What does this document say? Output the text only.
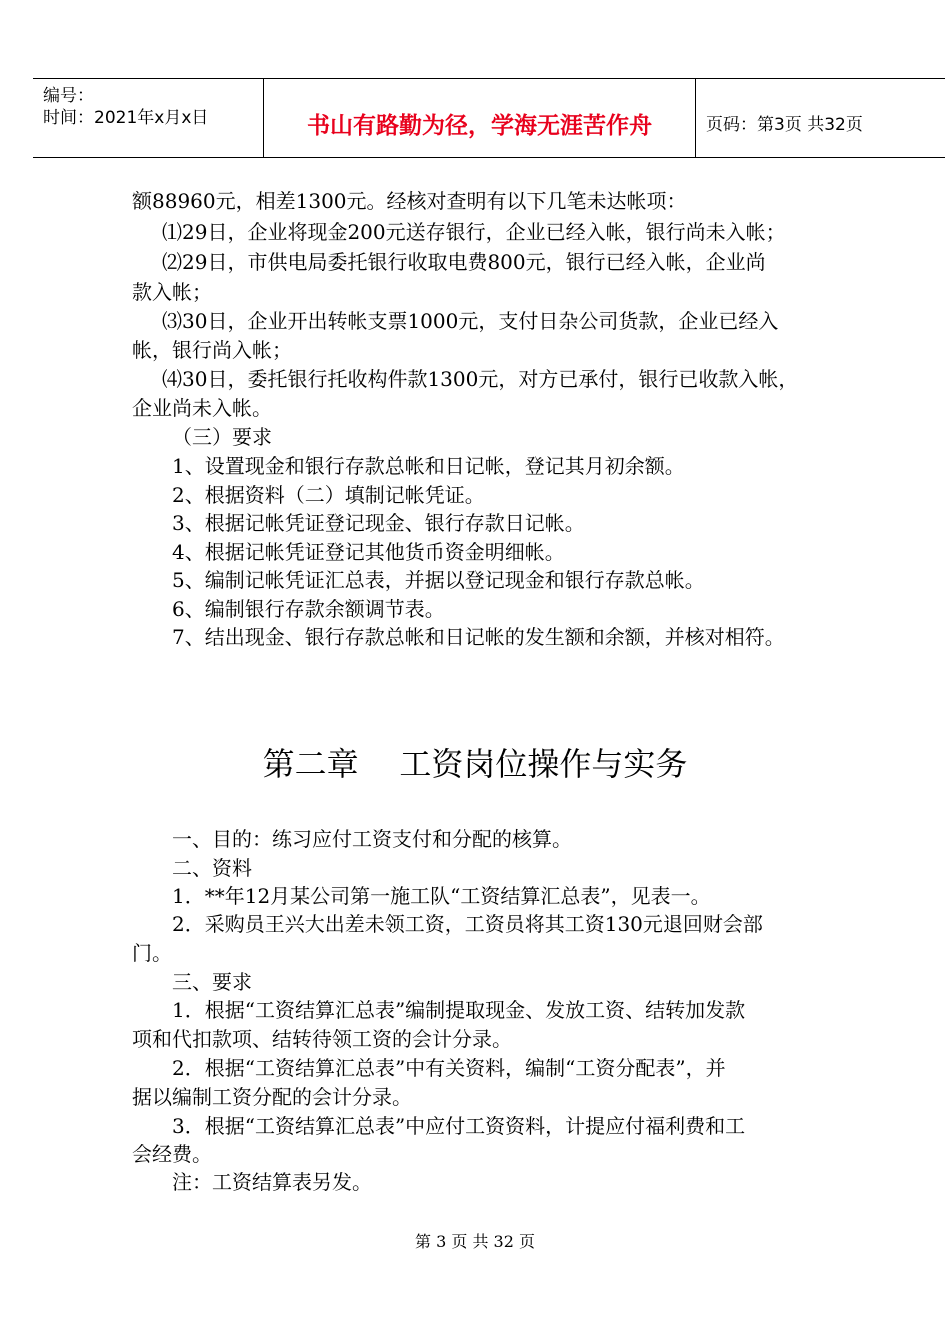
编号：
时间：2021年x月x日	书山有路勤为径，学海无涯苦作舟	页码：第3页 共32页
额88960元，相差1300元。经核对查明有以下几笔未达帐项：
⑴29日，企业将现金200元送存银行，企业已经入帐，银行尚未入帐；
⑵29日，市供电局委托银行收取电费800元，银行已经入帐，企业尚
款入帐；
⑶30日，企业开出转帐支票1000元，支付日杂公司货款，企业已经入
帐，银行尚入帐；
⑷30日，委托银行托收构件款1300元，对方已承付，银行已收款入帐，
企业尚未入帐。
（三）要求
1、设置现金和银行存款总帐和日记帐，登记其月初余额。
2、根据资料（二）填制记帐凭证。
3、根据记帐凭证登记现金、银行存款日记帐。
4、根据记帐凭证登记其他货币资金明细帐。
5、编制记帐凭证汇总表，并据以登记现金和银行存款总帐。
6、编制银行存款余额调节表。
7、结出现金、银行存款总帐和日记帐的发生额和余额，并核对相符。
第二章    工资岗位操作与实务
一、目的：练习应付工资支付和分配的核算。
二、资料
1．**年12月某公司第一施工队“工资结算汇总表”，见表一。
2．采购员王兴大出差未领工资，工资员将其工资130元退回财会部
门。
三、要求
1．根据“工资结算汇总表”编制提取现金、发放工资、结转加发款
项和代扣款项、结转待领工资的会计分录。
2．根据“工资结算汇总表”中有关资料，编制“工资分配表”，并
据以编制工资分配的会计分录。
3．根据“工资结算汇总表”中应付工资资料，计提应付福利费和工
会经费。
注：工资结算表另发。
第 3 页 共 32 页
